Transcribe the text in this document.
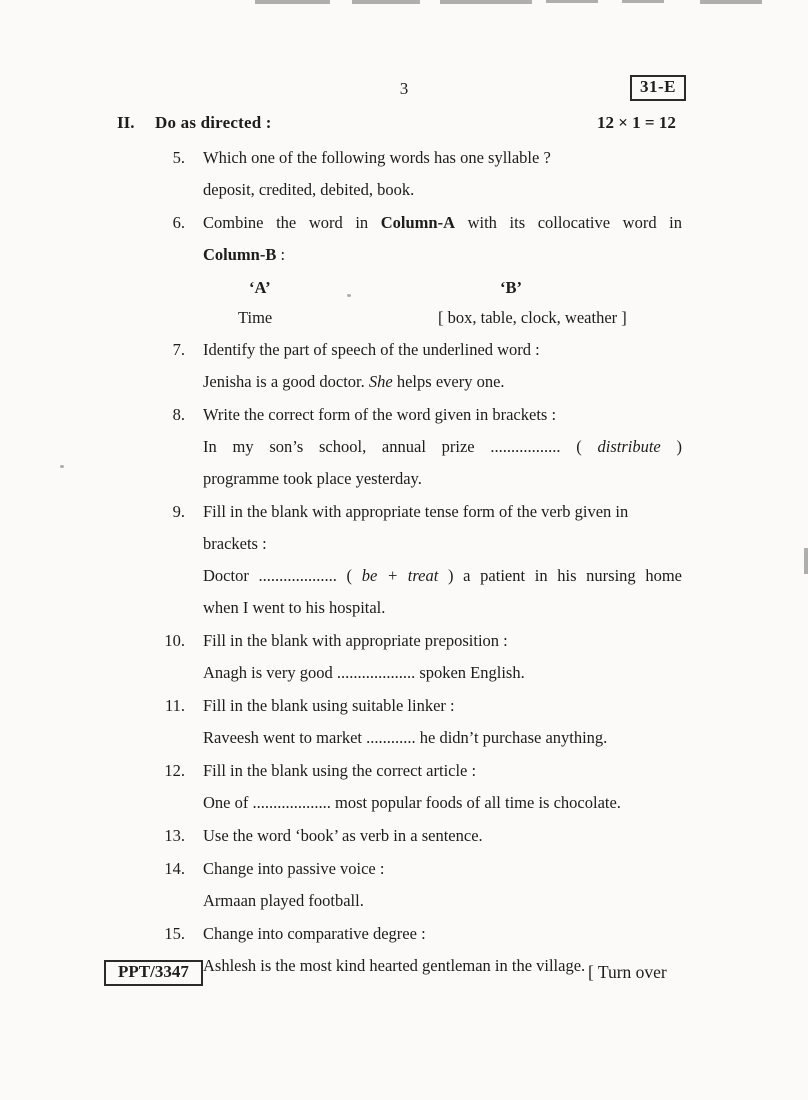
3	31-E
II. Do as directed :	12 × 1 = 12
5.	Which one of the following words has one syllable ?
deposit, credited, debited, book.
6.	Combine the word in Column-A with its collocative word in
Column-B :
‘A’	‘B’
Time	[ box, table, clock, weather ]
7.	Identify the part of speech of the underlined word :
Jenisha is a good doctor. She helps every one.
8.	Write the correct form of the word given in brackets :
In my son’s school, annual prize ................. ( distribute )
programme took place yesterday.
9.	Fill in the blank with appropriate tense form of the verb given in
brackets :
Doctor ................... ( be + treat ) a patient in his nursing home
when I went to his hospital.
10.	Fill in the blank with appropriate preposition :
Anagh is very good ................... spoken English.
11.	Fill in the blank using suitable linker :
Raveesh went to market ............ he didn’t purchase anything.
12.	Fill in the blank using the correct article :
One of ................... most popular foods of all time is chocolate.
13.	Use the word ‘book’ as verb in a sentence.
14.	Change into passive voice :
Armaan played football.
15.	Change into comparative degree :
Ashlesh is the most kind hearted gentleman in the village.
PPT/3347	[ Turn over
